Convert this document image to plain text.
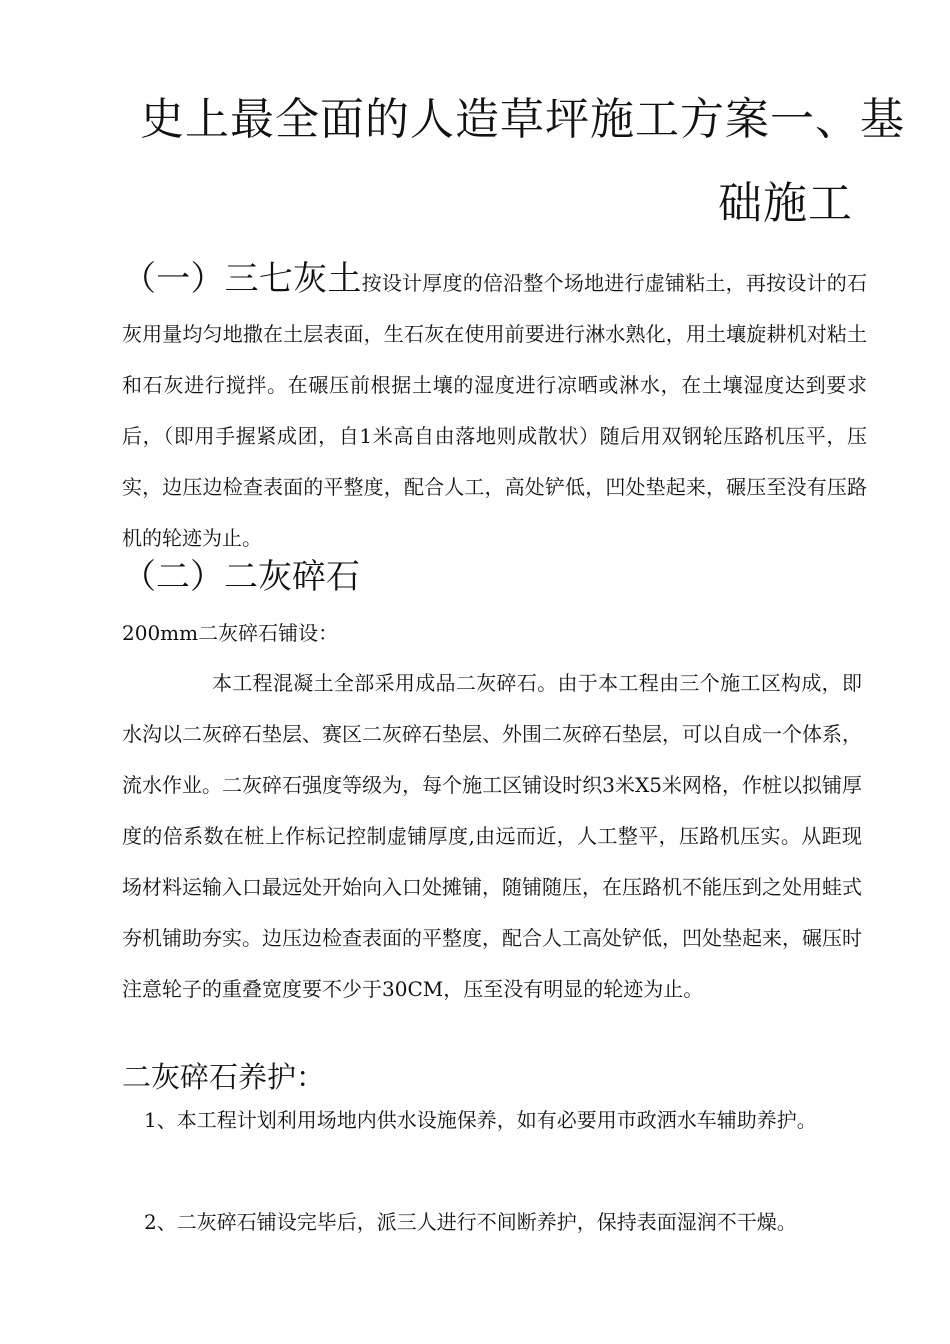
史上最全面的人造草坪施工方案一、基
础施工
（一）三七灰土按设计厚度的倍沿整个场地进行虚铺粘土，再按设计的石灰用量均匀地撒在土层表面，生石灰在使用前要进行淋水熟化，用土壤旋耕机对粘土和石灰进行搅拌。在碾压前根据土壤的湿度进行凉晒或淋水，在土壤湿度达到要求后，（即用手握紧成团，自1米高自由落地则成散状）随后用双钢轮压路机压平，压实，边压边检查表面的平整度，配合人工，高处铲低，凹处垫起来，碾压至没有压路机的轮迹为止。
（二）二灰碎石
200mm二灰碎石铺设：
本工程混凝土全部采用成品二灰碎石。由于本工程由三个施工区构成，即水沟以二灰碎石垫层、赛区二灰碎石垫层、外围二灰碎石垫层，可以自成一个体系，流水作业。二灰碎石强度等级为，每个施工区铺设时织3米X5米网格，作桩以拟铺厚度的倍系数在桩上作标记控制虚铺厚度,由远而近，人工整平，压路机压实。从距现场材料运输入口最远处开始向入口处摊铺，随铺随压，在压路机不能压到之处用蛙式夯机铺助夯实。边压边检查表面的平整度，配合人工高处铲低，凹处垫起来，碾压时注意轮子的重叠宽度要不少于30CM，压至没有明显的轮迹为止。
二灰碎石养护：
1、本工程计划利用场地内供水设施保养，如有必要用市政洒水车辅助养护。
2、二灰碎石铺设完毕后，派三人进行不间断养护，保持表面湿润不干燥。
